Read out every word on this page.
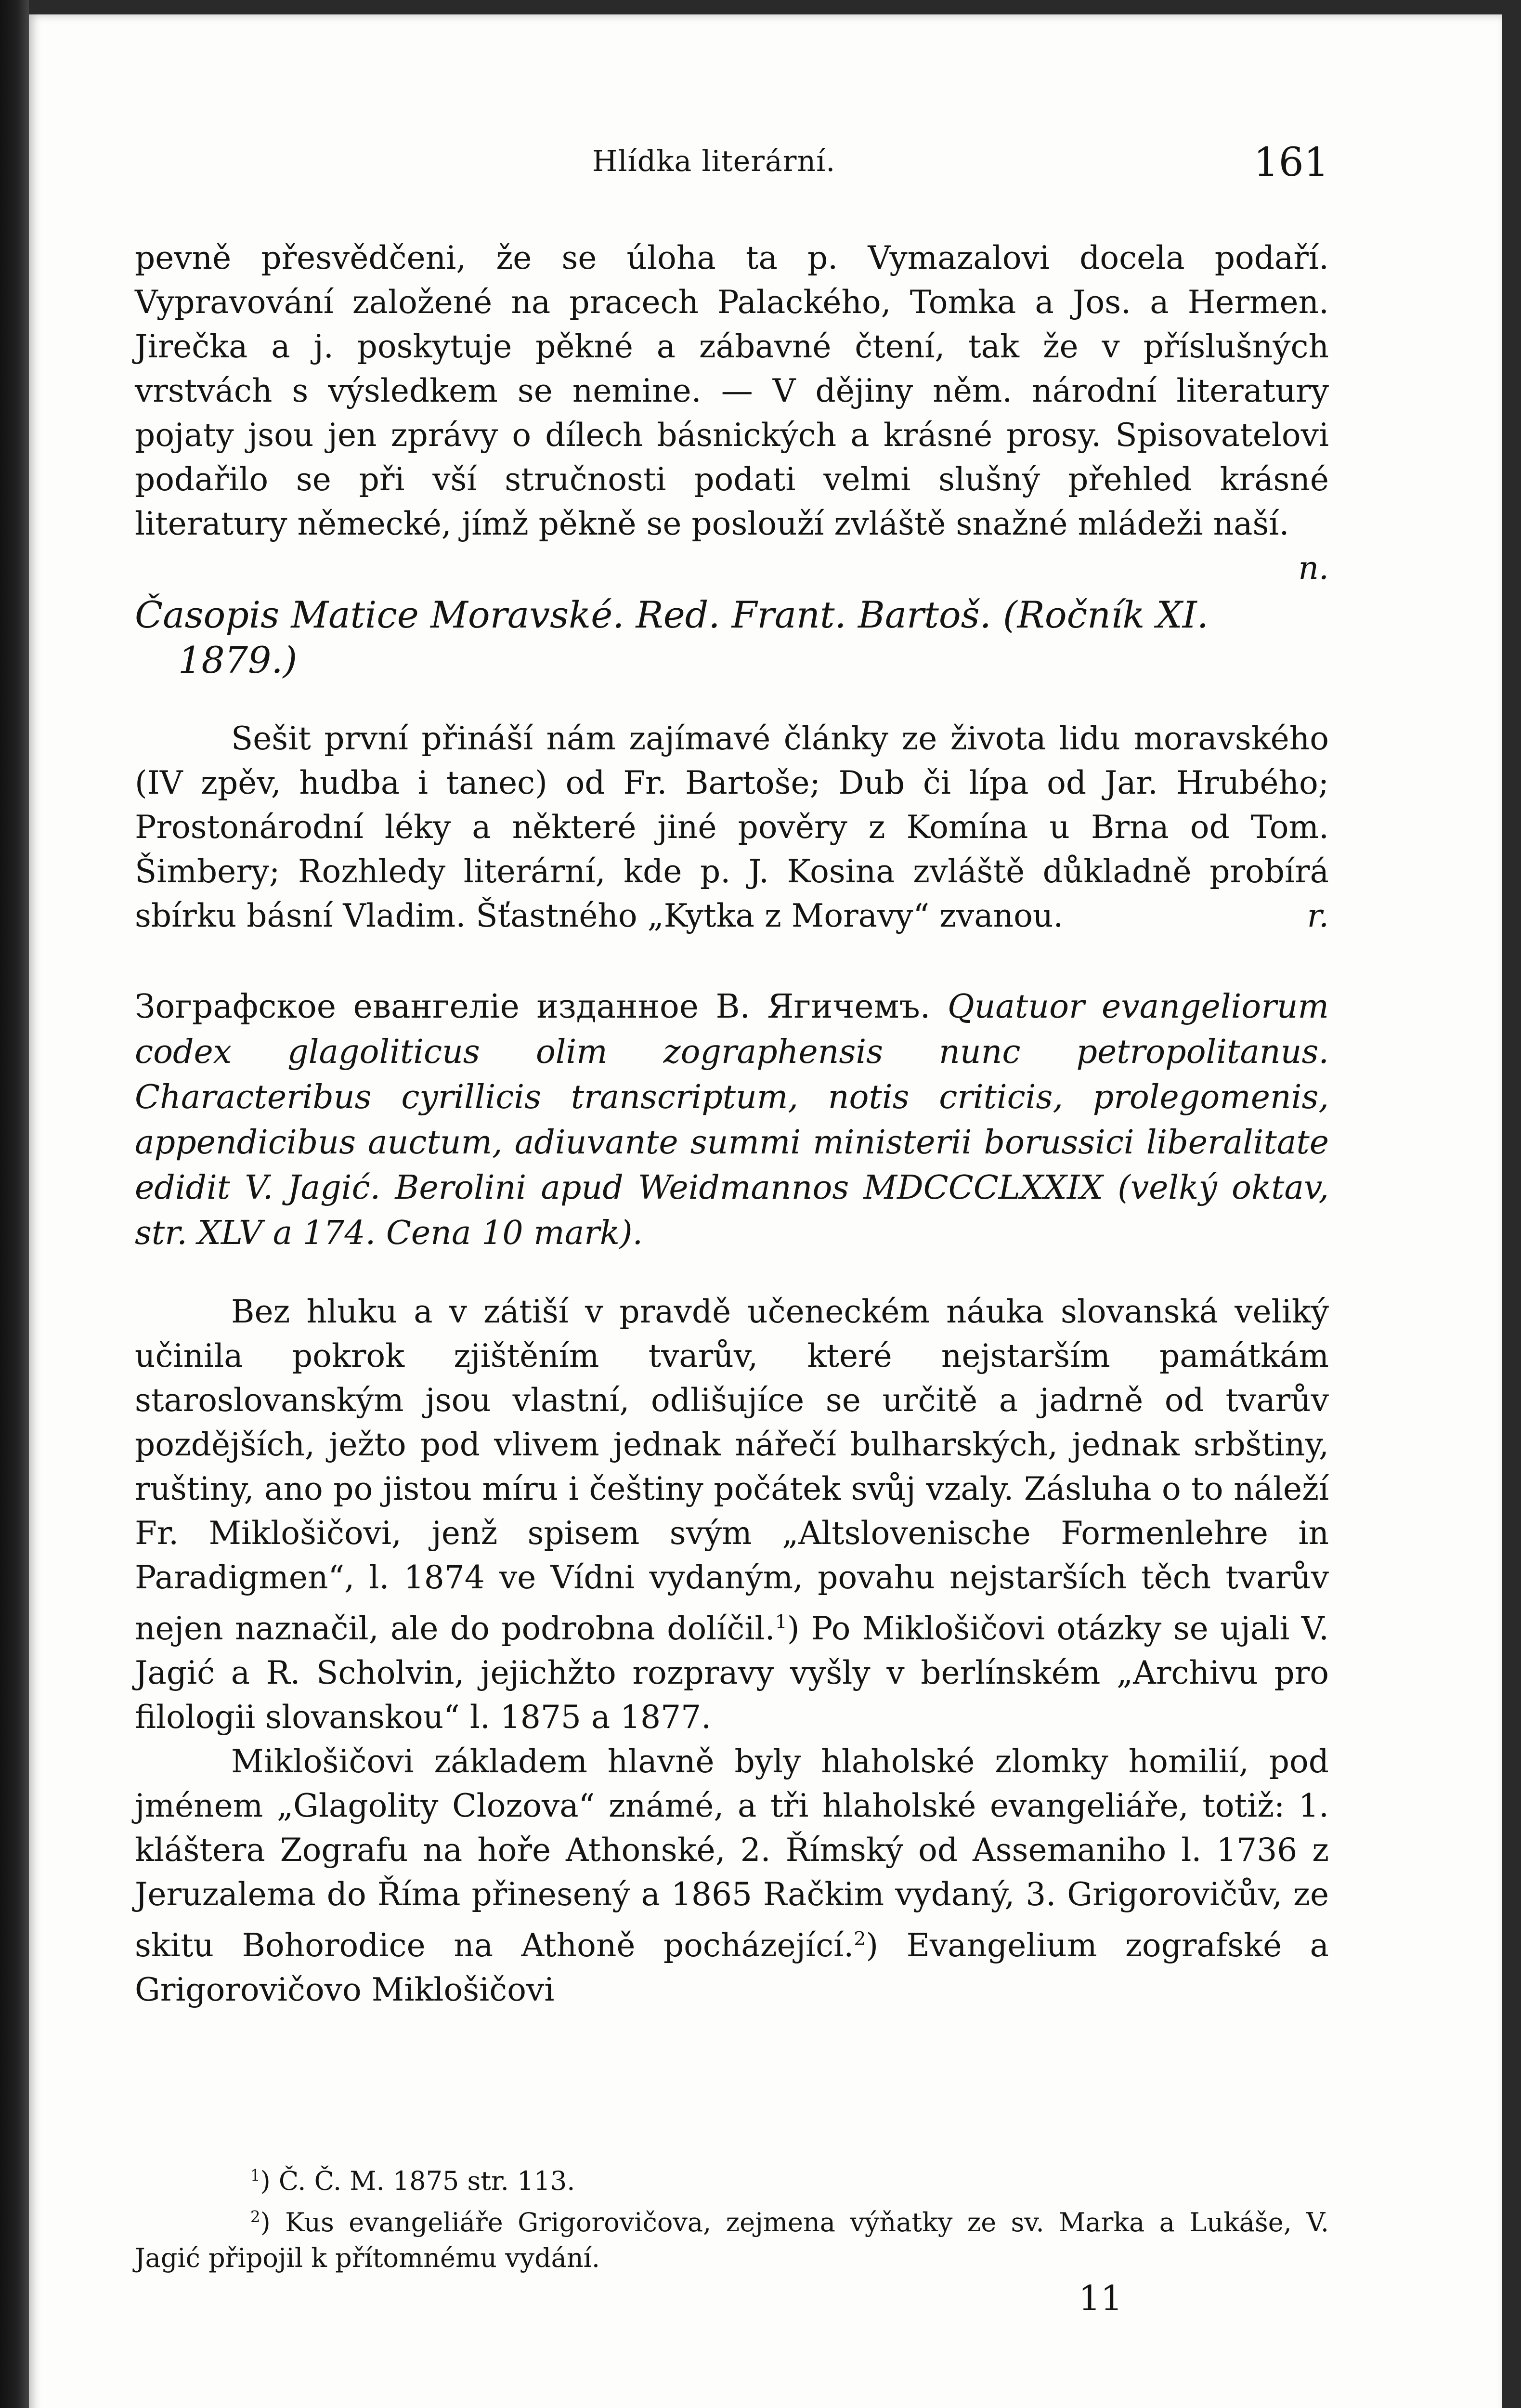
Hlídka literární.	161

pevně přesvědčeni, že se úloha ta p. Vymazalovi docela podaří. Vypravování založené na pracech Palackého, Tomka a Jos. a Hermen. Jirečka a j. poskytuje pěkné a zábavné čtení, tak že v příslušných vrstvách s výsledkem se nemine. — V dějiny něm. národní literatury pojaty jsou jen zprávy o dílech básnických a krásné prosy. Spisovatelovi podařilo se při vší stručnosti podati velmi slušný přehled krásné literatury německé, jímž pěkně se poslouží zvláště snažné mládeži naší.
n.

Časopis Matice Moravské. Red. Frant. Bartoš. (Ročník XI.
1879.)

Sešit první přináší nám zajímavé články ze života lidu moravského (IV zpěv, hudba i tanec) od Fr. Bartoše; Dub či lípa od Jar. Hrubého; Prostonárodní léky a některé jiné pověry z Komína u Brna od Tom. Šimbery; Rozhledy literární, kde p. J. Kosina zvláště důkladně probírá sbírku básní Vladim. Šťastného „Kytka z Moravy“ zvanou.	r.

Зографское евангеліе изданное В. Ягичемъ. Quatuor evangeliorum codex glagoliticus olim zographensis nunc petropolitanus. Characteribus cyrillicis transcriptum, notis criticis, prolegomenis, appendicibus auctum, adiuvante summi ministerii borussici liberalitate edidit V. Jagić. Berolini apud Weidmannos MDCCCLXXIX (velký oktav, str. XLV a 174. Cena 10 mark).

Bez hluku a v zátiší v pravdě učeneckém náuka slovanská veliký učinila pokrok zjištěním tvarův, které nejstarším památkám staroslovanským jsou vlastní, odlišujíce se určitě a jadrně od tvarův pozdějších, ježto pod vlivem jednak nářečí bulharských, jednak srbštiny, ruštiny, ano po jistou míru i češtiny počátek svůj vzaly. Zásluha o to náleží Fr. Miklošičovi, jenž spisem svým „Altslovenische Formenlehre in Paradigmen“, l. 1874 ve Vídni vydaným, povahu nejstarších těch tvarův nejen naznačil, ale do podrobna dolíčil.$^1$) Po Miklošičovi otázky se ujali V. Jagić a R. Scholvin, jejichžto rozpravy vyšly v berlínském „Archivu pro filologii slovanskou“ l. 1875 a 1877.

Miklošičovi základem hlavně byly hlaholské zlomky homilií, pod jménem „Glagolity Clozova“ známé, a tři hlaholské evangeliáře, totiž: 1. kláštera Zografu na hoře Athonské, 2. Římský od Assemaniho l. 1736 z Jeruzalema do Říma přinesený a 1865 Račkim vydaný, 3. Grigorovičův, ze skitu Bohorodice na Athoně pocházející.$^2$) Evangelium zografské a Grigorovičovo Miklošičovi

$^1$) Č. Č. M. 1875 str. 113.

$^2$) Kus evangeliáře Grigorovičova, zejmena výňatky ze sv. Marka a Lukáše, V. Jagić připojil k přítomnému vydání.

11
